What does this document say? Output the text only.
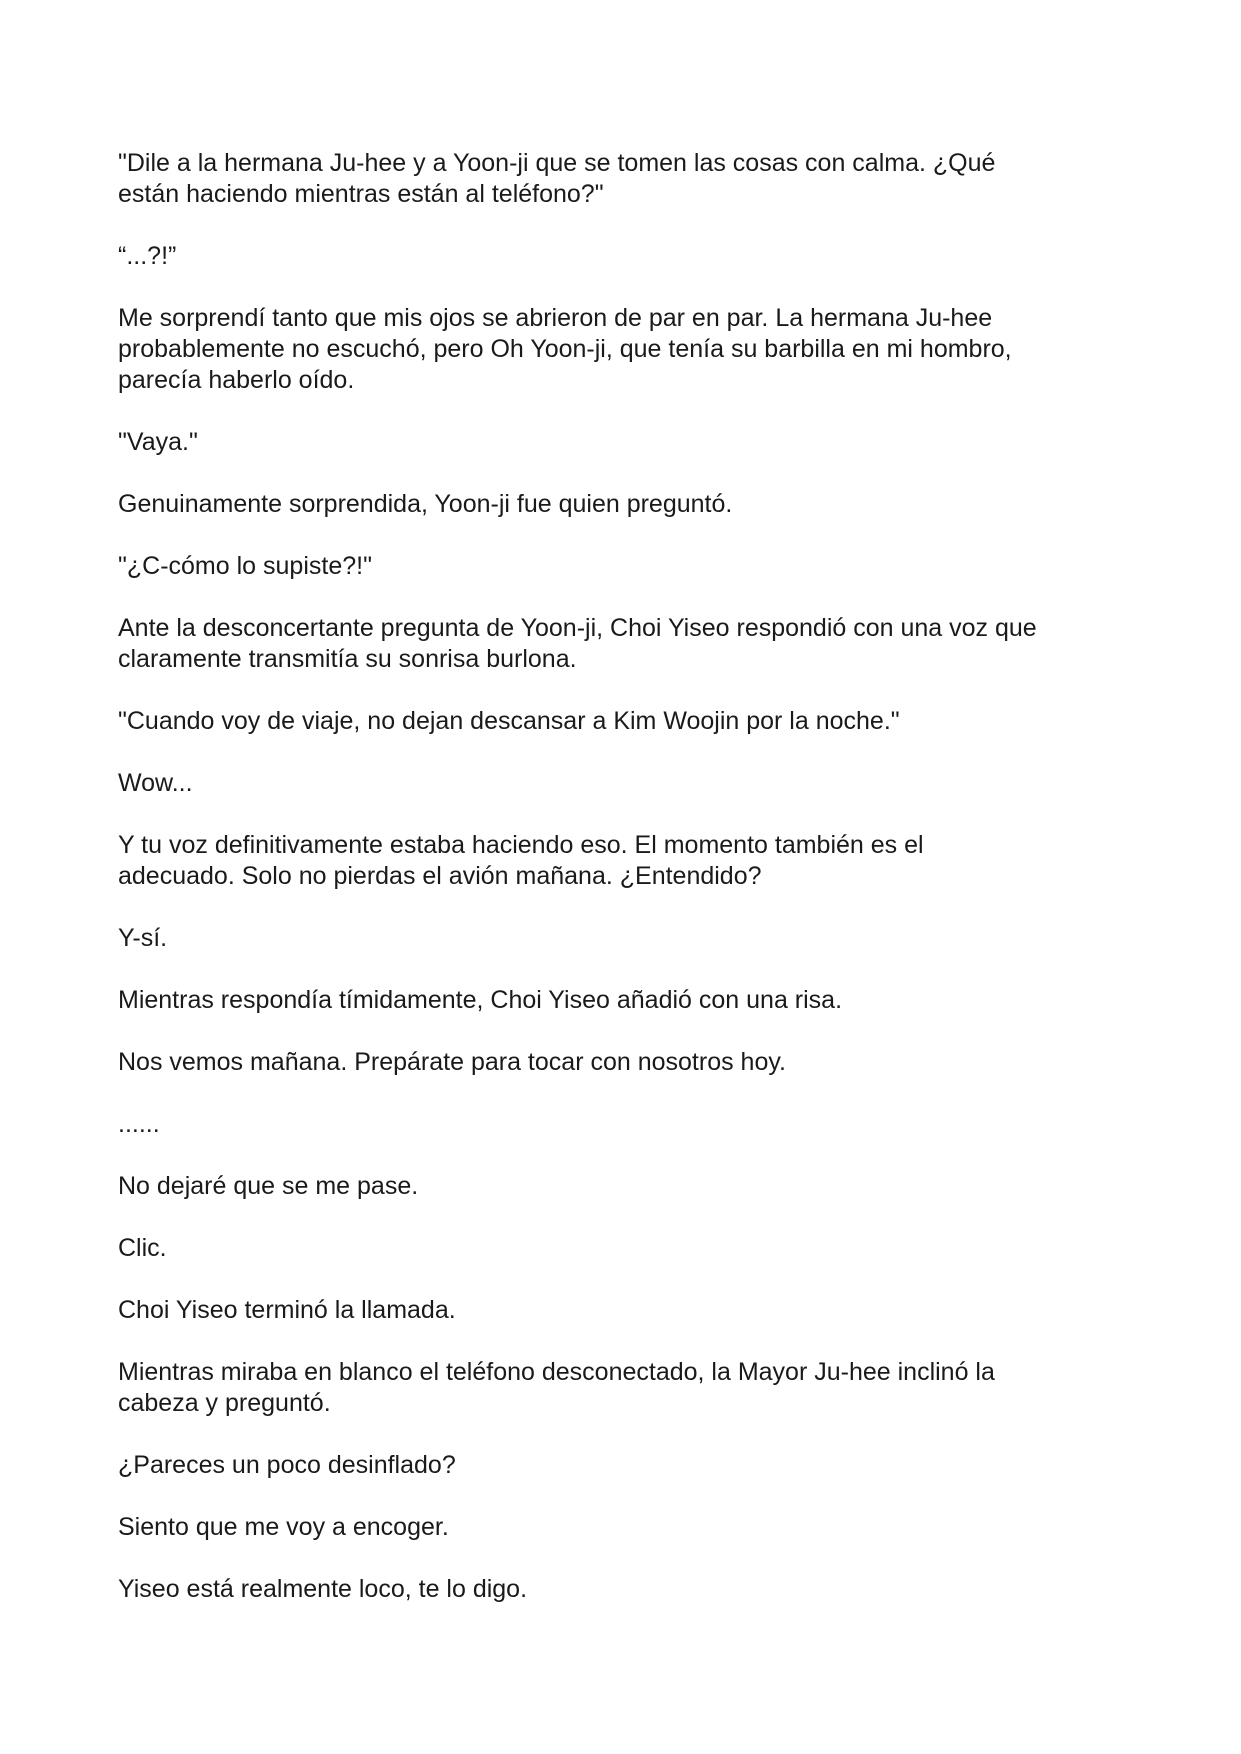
"Dile a la hermana Ju-hee y a Yoon-ji que se tomen las cosas con calma. ¿Qué
están haciendo mientras están al teléfono?"

“...?!”

Me sorprendí tanto que mis ojos se abrieron de par en par. La hermana Ju-hee
probablemente no escuchó, pero Oh Yoon-ji, que tenía su barbilla en mi hombro,
parecía haberlo oído.

"Vaya."

Genuinamente sorprendida, Yoon-ji fue quien preguntó.

"¿C-cómo lo supiste?!"

Ante la desconcertante pregunta de Yoon-ji, Choi Yiseo respondió con una voz que
claramente transmitía su sonrisa burlona.

"Cuando voy de viaje, no dejan descansar a Kim Woojin por la noche."

Wow...

Y tu voz definitivamente estaba haciendo eso. El momento también es el
adecuado. Solo no pierdas el avión mañana. ¿Entendido?

Y-sí.

Mientras respondía tímidamente, Choi Yiseo añadió con una risa.

Nos vemos mañana. Prepárate para tocar con nosotros hoy.

......

No dejaré que se me pase.

Clic.

Choi Yiseo terminó la llamada.

Mientras miraba en blanco el teléfono desconectado, la Mayor Ju-hee inclinó la
cabeza y preguntó.

¿Pareces un poco desinflado?

Siento que me voy a encoger.

Yiseo está realmente loco, te lo digo.
